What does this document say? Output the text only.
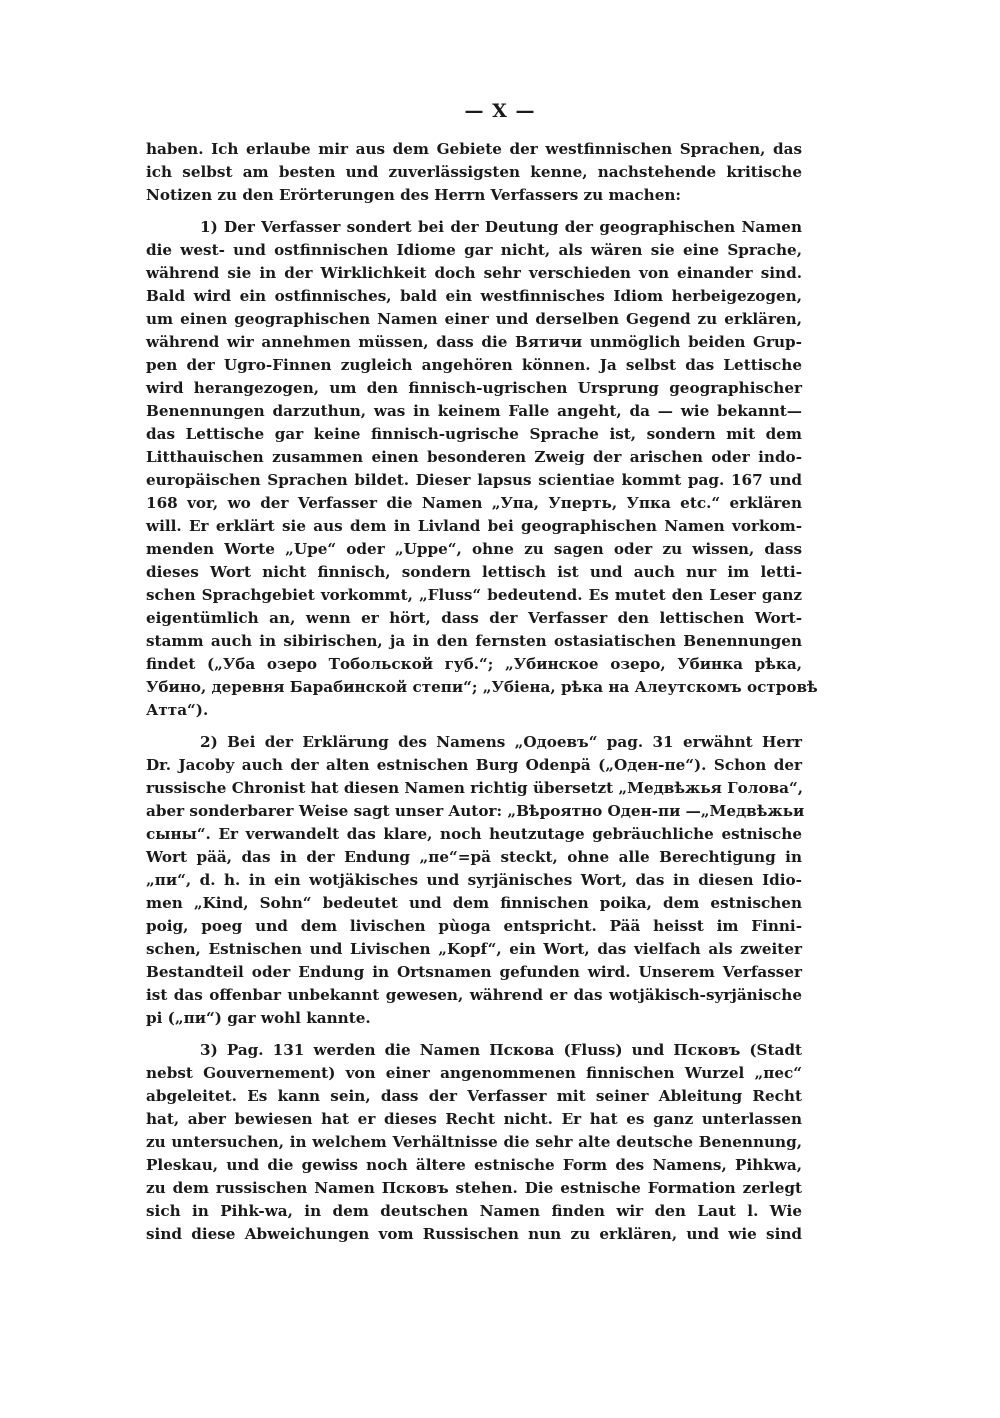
— X —
haben. Ich erlaube mir aus dem Gebiete der westfinnischen Sprachen, das
ich selbst am besten und zuverlässigsten kenne, nachstehende kritische
Notizen zu den Erörterungen des Herrn Verfassers zu machen:
1) Der Verfasser sondert bei der Deutung der geographischen Namen
die west- und ostfinnischen Idiome gar nicht, als wären sie eine Sprache,
während sie in der Wirklichkeit doch sehr verschieden von einander sind.
Bald wird ein ostfinnisches, bald ein westfinnisches Idiom herbeigezogen,
um einen geographischen Namen einer und derselben Gegend zu erklären,
während wir annehmen müssen, dass die Вятичи unmöglich beiden Grup-
pen der Ugro-Finnen zugleich angehören können. Ja selbst das Lettische
wird herangezogen, um den finnisch-ugrischen Ursprung geographischer
Benennungen darzuthun, was in keinem Falle angeht, da — wie bekannt—
das Lettische gar keine finnisch-ugrische Sprache ist, sondern mit dem
Litthauischen zusammen einen besonderen Zweig der arischen oder indo-
europäischen Sprachen bildet. Dieser lapsus scientiae kommt pag. 167 und
168 vor, wo der Verfasser die Namen „Упа, Уперть, Упка etc.“ erklären
will. Er erklärt sie aus dem in Livland bei geographischen Namen vorkom-
menden Worte „Upe“ oder „Uppe“, ohne zu sagen oder zu wissen, dass
dieses Wort nicht finnisch, sondern lettisch ist und auch nur im letti-
schen Sprachgebiet vorkommt, „Fluss“ bedeutend. Es mutet den Leser ganz
eigentümlich an, wenn er hört, dass der Verfasser den lettischen Wort-
stamm auch in sibirischen, ja in den fernsten ostasiatischen Benennungen
findet („Уба озеро Тобольской губ.“; „Убинское озеро, Убинка рѣка,
Убино, деревня Барабинской степи“; „Убіена, рѣка на Алеутскомъ островѣ
Атта“).
2) Bei der Erklärung des Namens „Одоевъ“ pag. 31 erwähnt Herr
Dr. Jacoby auch der alten estnischen Burg Odenpä („Оден-пе“). Schon der
russische Chronist hat diesen Namen richtig übersetzt „Медвѣжья Голова“,
aber sonderbarer Weise sagt unser Autor: „Вѣроятно Оден-пи —„Медвѣжьи
сыны“. Er verwandelt das klare, noch heutzutage gebräuchliche estnische
Wort pää, das in der Endung „пе“=pä steckt, ohne alle Berechtigung in
„пи“, d. h. in ein wotjäkisches und syrjänisches Wort, das in diesen Idio-
men „Kind, Sohn“ bedeutet und dem finnischen poika, dem estnischen
poig, poeg und dem livischen pùoga entspricht. Pää heisst im Finni-
schen, Estnischen und Livischen „Kopf“, ein Wort, das vielfach als zweiter
Bestandteil oder Endung in Ortsnamen gefunden wird. Unserem Verfasser
ist das offenbar unbekannt gewesen, während er das wotjäkisch-syrjänische
pi („пи“) gar wohl kannte.
3) Pag. 131 werden die Namen Псковa (Fluss) und Псковъ (Stadt
nebst Gouvernement) von einer angenommenen finnischen Wurzel „пес“
abgeleitet. Es kann sein, dass der Verfasser mit seiner Ableitung Recht
hat, aber bewiesen hat er dieses Recht nicht. Er hat es ganz unterlassen
zu untersuchen, in welchem Verhältnisse die sehr alte deutsche Benennung,
Pleskau, und die gewiss noch ältere estnische Form des Namens, Pihkwa,
zu dem russischen Namen Псковъ stehen. Die estnische Formation zerlegt
sich in Pihk-wa, in dem deutschen Namen finden wir den Laut l. Wie
sind diese Abweichungen vom Russischen nun zu erklären, und wie sind
